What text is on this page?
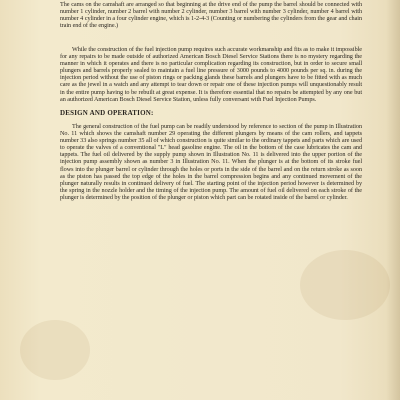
The cams on the camshaft are arranged so that beginning at the drive end of the pump the barrel should be connected with number 1 cylinder, number 2 barrel with number 2 cylinder, number 3 barrel with number 3 cylinder, number 4 barrel with number 4 cylinder in a four cylinder engine, which is 1-2-4-3 (Counting or numbering the cylinders from the gear and chain train end of the engine.)

While the construction of the fuel injection pump requires such accurate workmanship and fits as to make it impossible for any repairs to be made outside of authorized American Bosch Diesel Service Stations there is no mystery regarding the manner in which it operates and there is no particular complication regarding its construction, but in order to secure small plungers and barrels properly sealed to maintain a fuel line pressure of 3000 pounds to 4000 pounds per sq. in. during the injection period without the use of piston rings or packing glands these barrels and plungers have to be fitted with as much care as the jewel in a watch and any attempt to tear down or repair one of these injection pumps will unquestionably result in the entire pump having to be rebuilt at great expense. It is therefore essential that no repairs be attempted by any one but an authorized American Bosch Diesel Service Station, unless fully conversant with Fuel Injection Pumps.

DESIGN AND OPERATION:

The general construction of the fuel pump can be readily understood by reference to section of the pump in Illustration No. 11 which shows the camshaft number 29 operating the different plungers by means of the cam rollers, and tappets number 33 also springs number 35 all of which construction is quite similar to the ordinary tappets and parts which are used to operate the valves of a conventional "L" head gasoline engine. The oil in the bottom of the case lubricates the cam and tappets. The fuel oil delivered by the supply pump shown in Illustration No. 11 is delivered into the upper portion of the injection pump assembly shown as number 3 in Illustration No. 11. When the plunger is at the bottom of its stroke fuel flows into the plunger barrel or cylinder through the holes or ports in the side of the barrel and on the return stroke as soon as the piston has passed the top edge of the holes in the barrel compression begins and any continued movement of the plunger naturally results in continued delivery of fuel. The starting point of the injection period however is determined by the spring in the nozzle holder and the timing of the injection pump. The amount of fuel oil delivered on each stroke of the plunger is determined by the position of the plunger or piston which part can be rotated inside of the barrel or cylinder.
